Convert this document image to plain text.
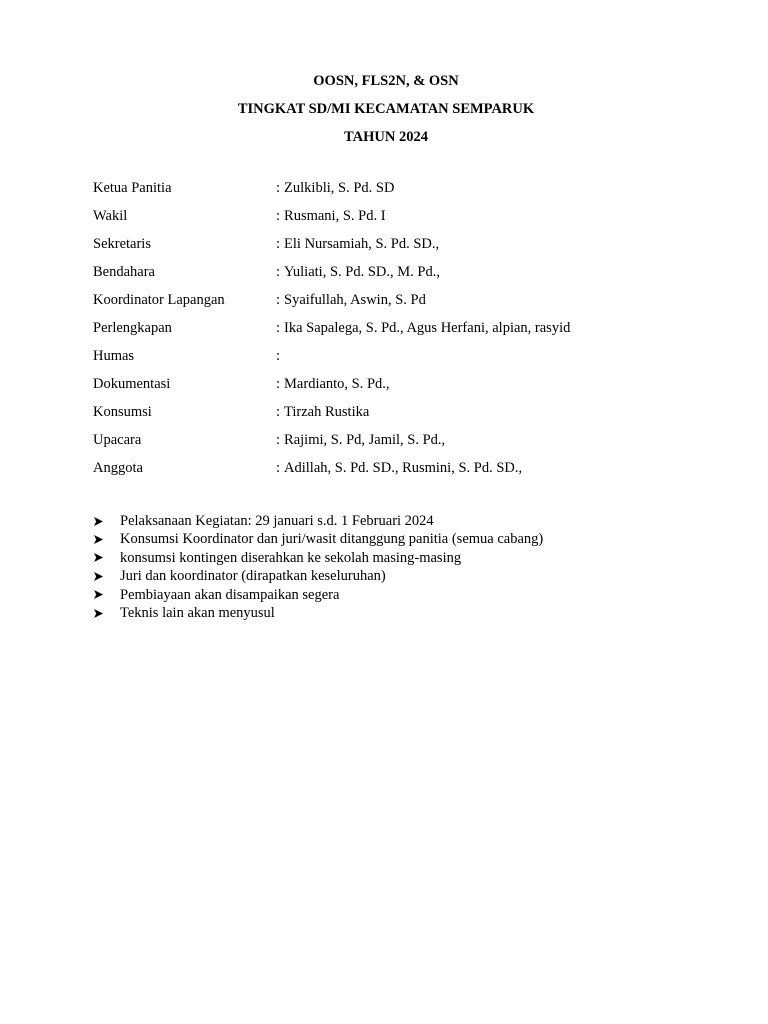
OOSN, FLS2N, & OSN
TINGKAT SD/MI KECAMATAN SEMPARUK
TAHUN 2024
Ketua Panitia	: Zulkibli, S. Pd. SD
Wakil	: Rusmani, S. Pd. I
Sekretaris	: Eli Nursamiah, S. Pd. SD.,
Bendahara	: Yuliati, S. Pd. SD., M. Pd.,
Koordinator Lapangan	: Syaifullah, Aswin, S. Pd
Perlengkapan	: Ika Sapalega, S. Pd., Agus Herfani, alpian, rasyid
Humas	:
Dokumentasi	: Mardianto, S. Pd.,
Konsumsi	: Tirzah Rustika
Upacara	: Rajimi, S. Pd, Jamil, S. Pd.,
Anggota	: Adillah, S. Pd. SD., Rusmini, S. Pd. SD.,
Pelaksanaan Kegiatan: 29 januari s.d. 1 Februari 2024
Konsumsi Koordinator dan juri/wasit ditanggung panitia (semua cabang)
konsumsi kontingen diserahkan ke sekolah masing-masing
Juri dan koordinator (dirapatkan keseluruhan)
Pembiayaan akan disampaikan segera
Teknis lain akan menyusul
